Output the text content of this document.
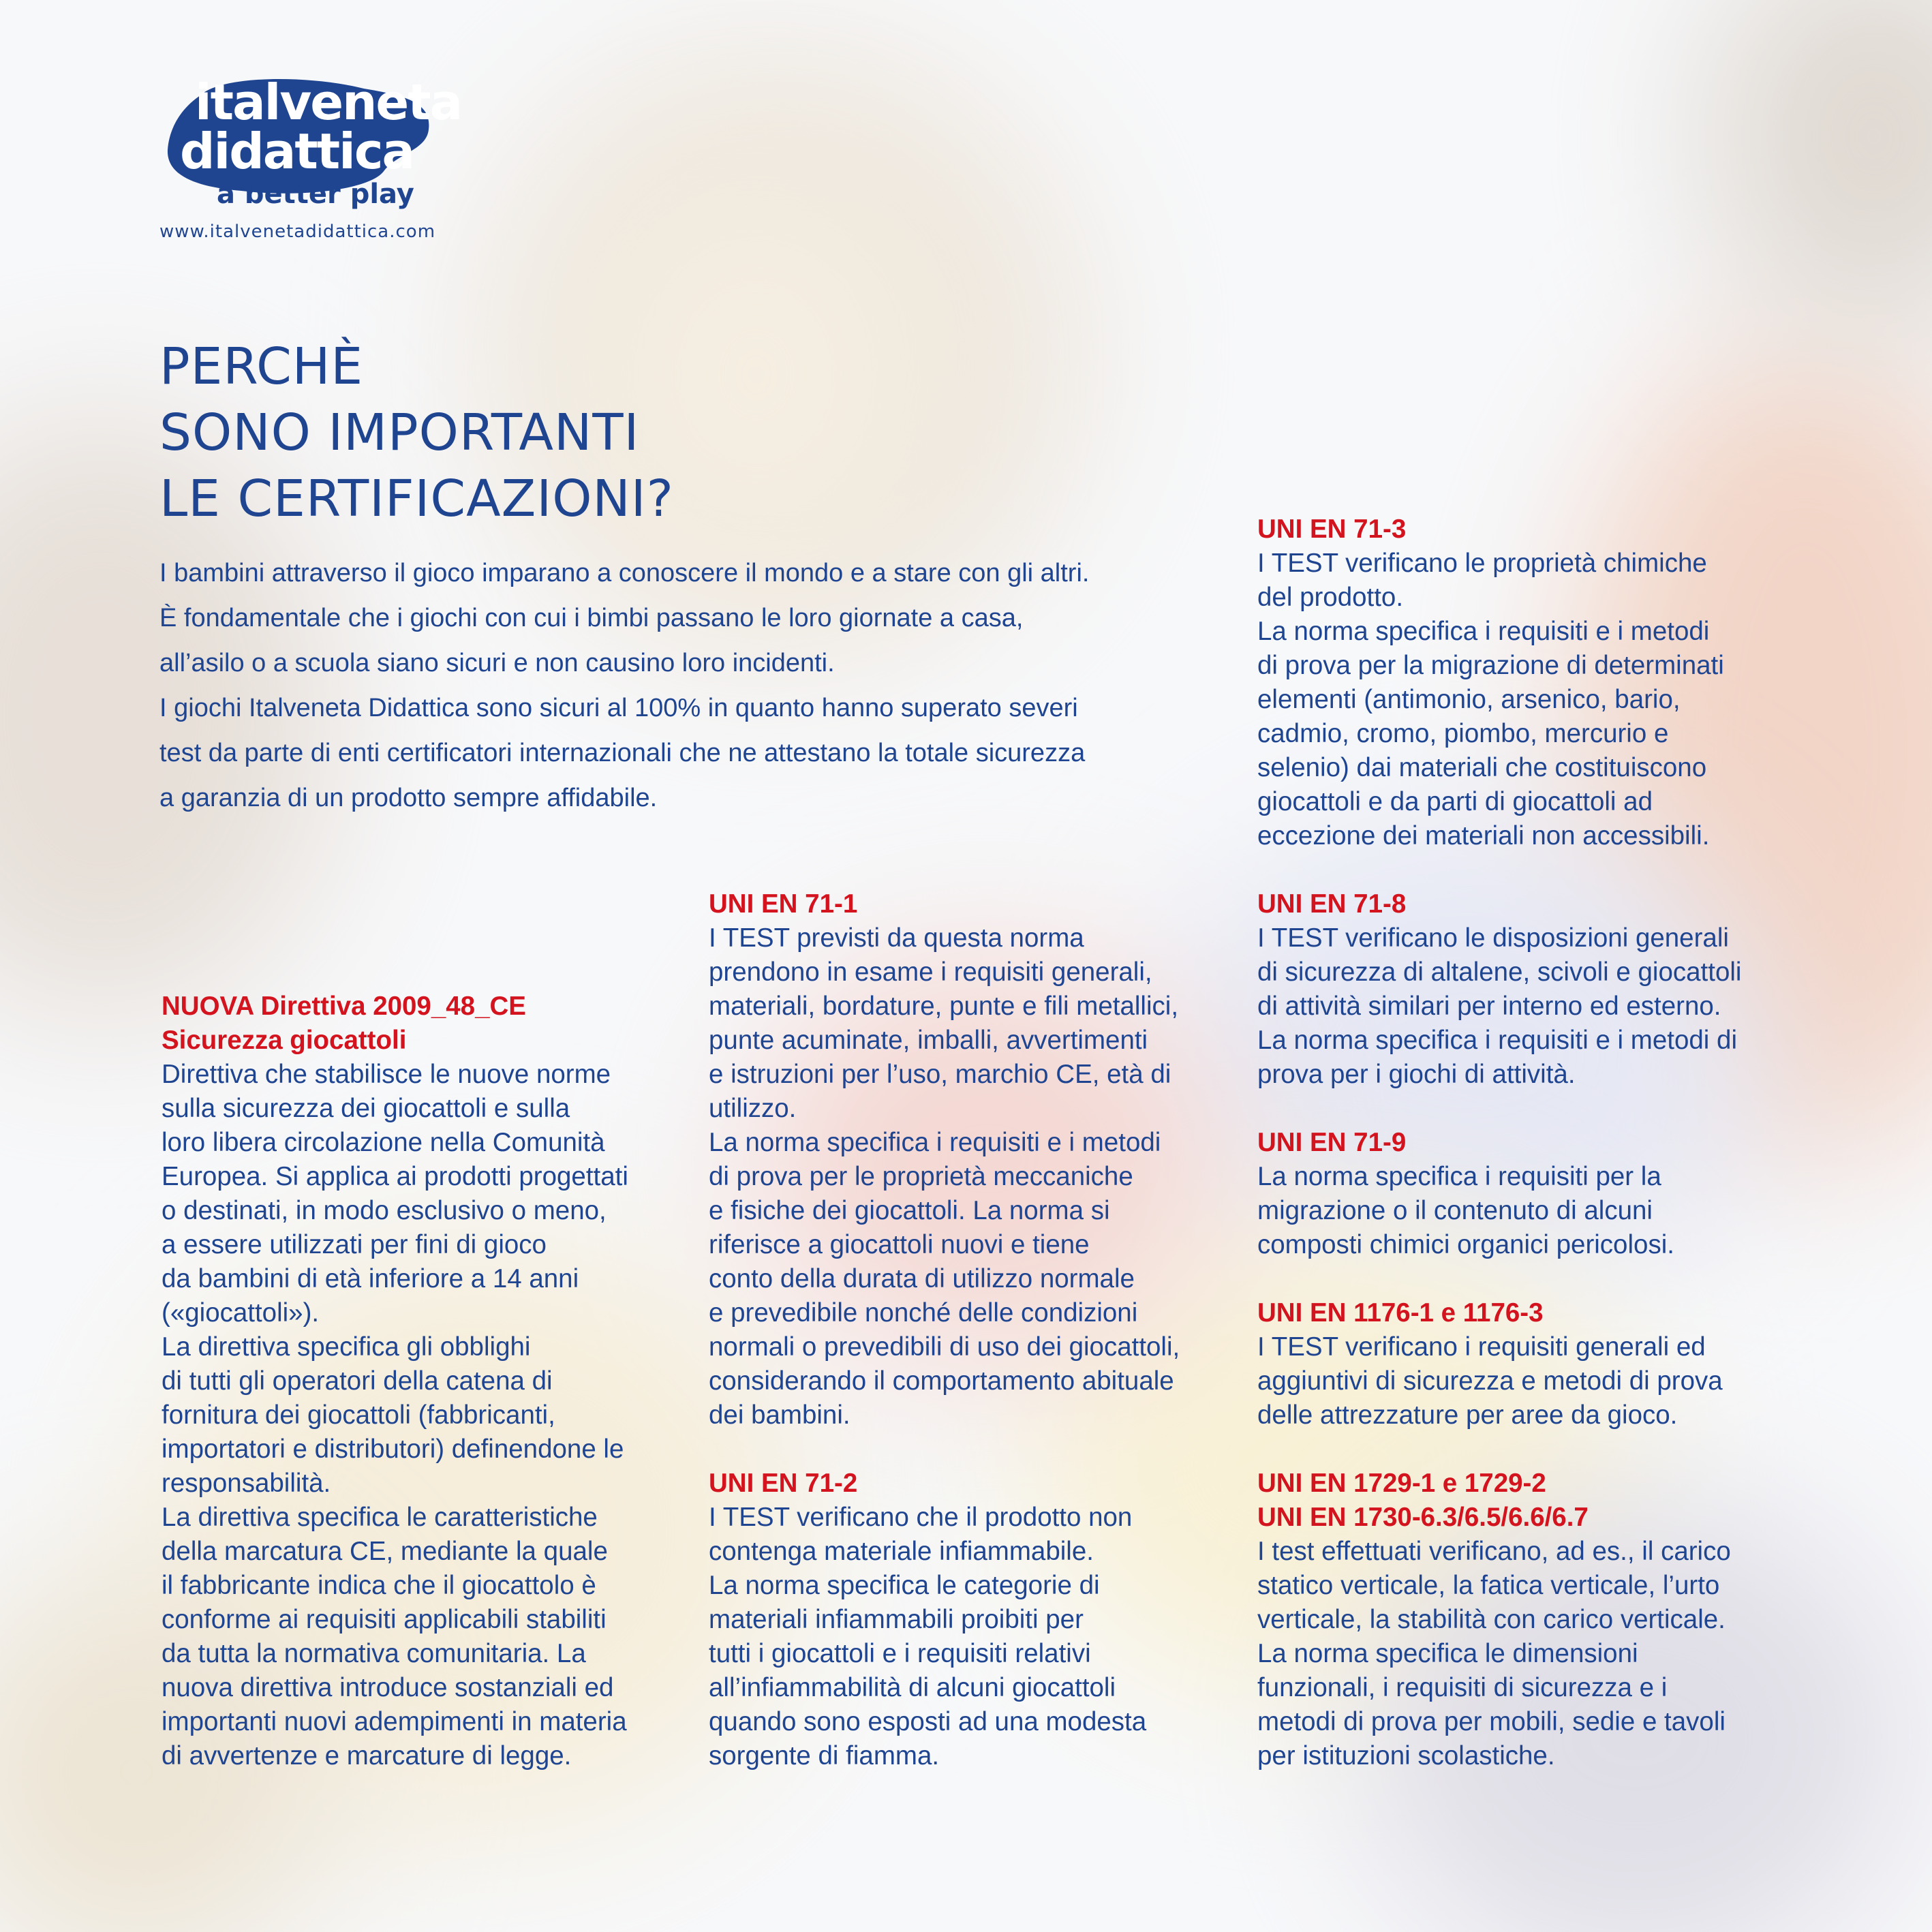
italveneta
didattica
a better play
www.italvenetadidattica.com
PERCHÈ
SONO IMPORTANTI
LE CERTIFICAZIONI?
I bambini attraverso il gioco imparano a conoscere il mondo e a stare con gli altri.
È fondamentale che i giochi con cui i bimbi passano le loro giornate a casa,
all’asilo o a scuola siano sicuri e non causino loro incidenti.
I giochi Italveneta Didattica sono sicuri al 100% in quanto hanno superato severi
test da parte di enti certificatori internazionali che ne attestano la totale sicurezza
a garanzia di un prodotto sempre affidabile.
NUOVA Direttiva 2009_48_CE
Sicurezza giocattoli
Direttiva che stabilisce le nuove norme
sulla sicurezza dei giocattoli e sulla
loro libera circolazione nella Comunità
Europea. Si applica ai prodotti progettati
o destinati, in modo esclusivo o meno,
a essere utilizzati per fini di gioco
da bambini di età inferiore a 14 anni
(«giocattoli»).
La direttiva specifica gli obblighi
di tutti gli operatori della catena di
fornitura dei giocattoli (fabbricanti,
importatori e distributori) definendone le
responsabilità.
La direttiva specifica le caratteristiche
della marcatura CE, mediante la quale
il fabbricante indica che il giocattolo è
conforme ai requisiti applicabili stabiliti
da tutta la normativa comunitaria. La
nuova direttiva introduce sostanziali ed
importanti nuovi adempimenti in materia
di avvertenze e marcature di legge.
UNI EN 71-1
I TEST previsti da questa norma
prendono in esame i requisiti generali,
materiali, bordature, punte e fili metallici,
punte acuminate, imballi, avvertimenti
e istruzioni per l’uso, marchio CE, età di
utilizzo.
La norma specifica i requisiti e i metodi
di prova per le proprietà meccaniche
e fisiche dei giocattoli. La norma si
riferisce a giocattoli nuovi e tiene
conto della durata di utilizzo normale
e prevedibile nonché delle condizioni
normali o prevedibili di uso dei giocattoli,
considerando il comportamento abituale
dei bambini.
UNI EN 71-2
I TEST verificano che il prodotto non
contenga materiale infiammabile.
La norma specifica le categorie di
materiali infiammabili proibiti per
tutti i giocattoli e i requisiti relativi
all’infiammabilità di alcuni giocattoli
quando sono esposti ad una modesta
sorgente di fiamma.
UNI EN 71-3
I TEST verificano le proprietà chimiche
del prodotto.
La norma specifica i requisiti e i metodi
di prova per la migrazione di determinati
elementi (antimonio, arsenico, bario,
cadmio, cromo, piombo, mercurio e
selenio) dai materiali che costituiscono
giocattoli e da parti di giocattoli ad
eccezione dei materiali non accessibili.
UNI EN 71-8
I TEST verificano le disposizioni generali
di sicurezza di altalene, scivoli e giocattoli
di attività similari per interno ed esterno.
La norma specifica i requisiti e i metodi di
prova per i giochi di attività.
UNI EN 71-9
La norma specifica i requisiti per la
migrazione o il contenuto di alcuni
composti chimici organici pericolosi.
UNI EN 1176-1 e 1176-3
I TEST verificano i requisiti generali ed
aggiuntivi di sicurezza e metodi di prova
delle attrezzature per aree da gioco.
UNI EN 1729-1 e 1729-2
UNI EN 1730-6.3/6.5/6.6/6.7
I test effettuati verificano, ad es., il carico
statico verticale, la fatica verticale, l’urto
verticale, la stabilità con carico verticale.
La norma specifica le dimensioni
funzionali, i requisiti di sicurezza e i
metodi di prova per mobili, sedie e tavoli
per istituzioni scolastiche.
